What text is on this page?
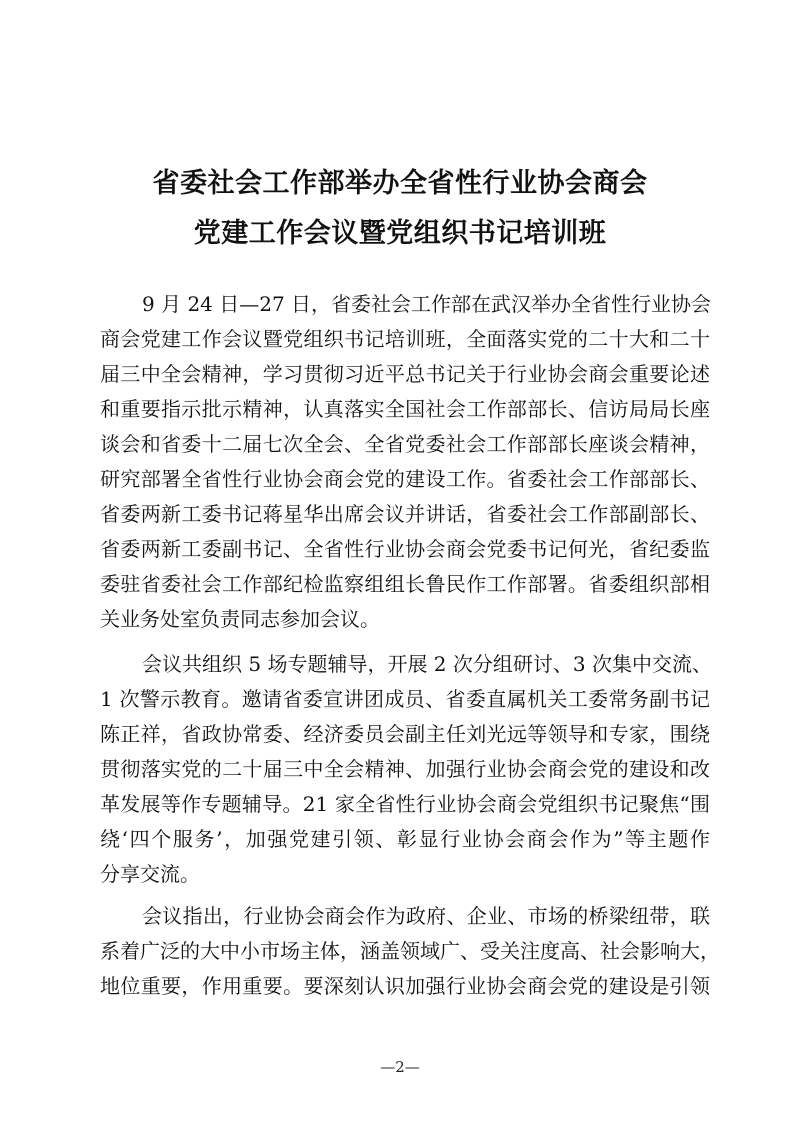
省委社会工作部举办全省性行业协会商会
党建工作会议暨党组织书记培训班
9 月 24 日—27 日，省委社会工作部在武汉举办全省性行业协会
商会党建工作会议暨党组织书记培训班，全面落实党的二十大和二十
届三中全会精神，学习贯彻习近平总书记关于行业协会商会重要论述
和重要指示批示精神，认真落实全国社会工作部部长、信访局局长座
谈会和省委十二届七次全会、全省党委社会工作部部长座谈会精神，
研究部署全省性行业协会商会党的建设工作。省委社会工作部部长、
省委两新工委书记蒋星华出席会议并讲话，省委社会工作部副部长、
省委两新工委副书记、全省性行业协会商会党委书记何光，省纪委监
委驻省委社会工作部纪检监察组组长鲁民作工作部署。省委组织部相
关业务处室负责同志参加会议。
会议共组织 5 场专题辅导，开展 2 次分组研讨、3 次集中交流、
1 次警示教育。邀请省委宣讲团成员、省委直属机关工委常务副书记
陈正祥，省政协常委、经济委员会副主任刘光远等领导和专家，围绕
贯彻落实党的二十届三中全会精神、加强行业协会商会党的建设和改
革发展等作专题辅导。21 家全省性行业协会商会党组织书记聚焦“围
绕‘四个服务’，加强党建引领、彰显行业协会商会作为”等主题作
分享交流。
会议指出，行业协会商会作为政府、企业、市场的桥梁纽带，联
系着广泛的大中小市场主体，涵盖领域广、受关注度高、社会影响大，
地位重要，作用重要。要深刻认识加强行业协会商会党的建设是引领
—2—
